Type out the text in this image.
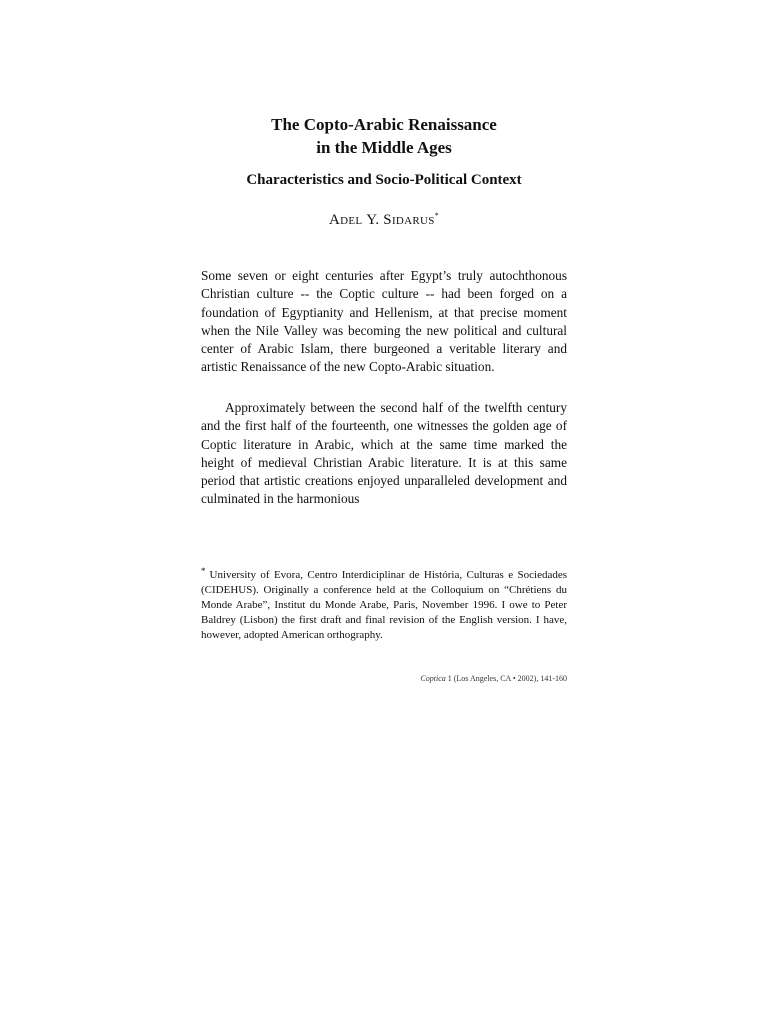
The Copto-Arabic Renaissance
in the Middle Ages
Characteristics and Socio-Political Context
ADEL Y. SIDARUS*

Some seven or eight centuries after Egypt’s truly autochthonous Christian culture -- the Coptic culture -- had been forged on a foundation of Egyptianity and Hellenism, at that precise moment when the Nile Valley was becoming the new political and cultural center of Arabic Islam, there burgeoned a veritable literary and artistic Renaissance of the new Copto-Arabic situation.

Approximately between the second half of the twelfth century and the first half of the fourteenth, one witnesses the golden age of Coptic literature in Arabic, which at the same time marked the height of medieval Christian Arabic literature. It is at this same period that artistic creations enjoyed unparalleled development and culminated in the harmonious

* University of Evora, Centro Interdiciplinar de História, Culturas e Sociedades (CIDEHUS). Originally a conference held at the Colloquium on “Chrétiens du Monde Arabe”, Institut du Monde Arabe, Paris, November 1996. I owe to Peter Baldrey (Lisbon) the first draft and final revision of the English version. I have, however, adopted American orthography.

Coptica 1 (Los Angeles, CA • 2002), 141-160
